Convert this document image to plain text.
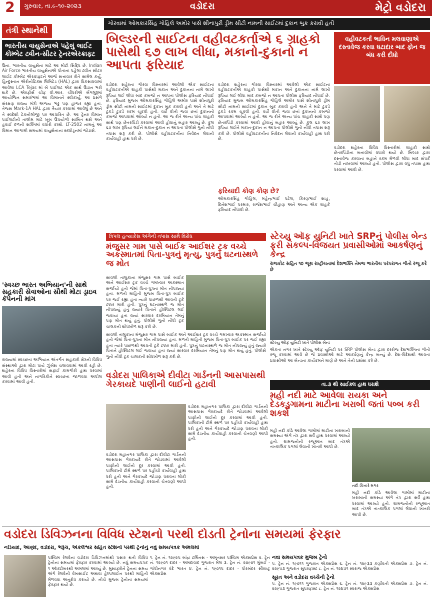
2	ગુરુવાર, તા.૯-૧૦-૨૦૨૩	વડોદરા	મેટ્રો વડોદરા
તંત્રી સ્થાનેથી
ભારતીય વાયુસેનાએ પહેલું લાઈટ કોમ્બેટ ટ્વીન-સીટર ટ્રેનરએરક્રાફ્ટ
ઉના. ભારતીય વાયુસેના માટે આ મોટી સિદ્ધિ છે. Indian Air Force ભારતીય વાયુસેનાએ પોતાના પહેલા ટ્વીન સીટર લાઈટ કોમ્બેટ એરક્રાફ્ટને આજે સત્તાવાર રીતે સામેલ કર્યું. હિન્દુસ્તાન એરોનોટિક્સ લિમિટેડ (HAL) દ્વારા વિકસાવવામાં આવેલા LCA Tejas માં બે પાઈલટ એક સાથે ઉડાન ભરી શકે છે. એરફોર્સ ચીફ વી.આર. ચૌધરીએ બેંગલુરૂમાં આયોજિત સમારંભમાં આ વિમાનને સ્વીકાર્યું. આ પ્રસંગે સંરક્ષણ રાજ્ય મંત્રી અજય ભટ્ટ પણ હાજર રહ્યા હતા. તેજસ Mark-1A HAL દ્વારા તૈયાર કરવામાં આવેલું છે અને તે સ્વદેશી ટેકનોલોજી પર આધારિત છે. આ ટ્રેનર વિમાન પાઈલટોની તાલીમ માટે ખૂબ ઉપયોગી સાબિત થશે અને હવાઈ દળની શક્તિમાં વધારો કરશે. LT-2502 નામનું આ વિમાન આગામી સમયમાં વાયુસેનાના સ્ક્વોડ્રનમાં જોડાશે.
'સ્વચ્છ ભારત અભિયાન'ની સાથે સહકારી સેવાઓના સૌથી મોટા ડ્રાઇવ કૅપેનની માંગ
રાજ્યમાં સ્વચ્છતા અભિયાન અંતર્ગત સહકારી ક્ષેત્રની વિવિધ સંસ્થાઓ દ્વારા મોટા પાયે ઝુંબેશ ચલાવવામાં આવી રહી છે. શહેરના વિવિધ વિસ્તારોમાં સફાઈ કામગીરી હાથ ધરવામાં આવી હતી અને નાગરિકોને સ્વચ્છતા જાળવવા અપીલ કરવામાં આવી હતી.
ગોરવામાં ઓમકારસિંહ ગોહિલે અમોર પાસે શીનાપુરી ડ્રીમ સીટી નામની સાઈટમાં દુકાન બુક કરાવી હતી
બિલ્ડરની સાઈટના વહીવટકર્તાએ ૬ ગ્રાહકો પાસેથી ૬૭ લાખ લીધા, મકાનો-દુકાનો ન આપતા ફરિયાદ
વડોદરા શહેરના ગોરવા વિસ્તારમાં આવેલી એક સાઈટના વહીવટકર્તાએ ગ્રાહકો પાસેથી મકાન અને દુકાનના નામે લાખો રૂપિયા લઈ લીધા બાદ કબજો ન આપતા પોલીસ ફરિયાદ નોંધાઈ છે. ફરિયાદ મુજબ ઓમકારસિંહ ગોહિલે અમોર પાસે શીનાપુરી ડ્રીમ સીટી નામની સાઈટમાં દુકાન બુક કરાવી હતી અને તે માટે ટુકડે ટુકડે રકમ ચૂકવી હતી. વર્ષો વીતી જવા છતાં દુકાનનો કબજો આપવામાં આવ્યો ન હતો. આ જ રીતે અન્ય પાંચ ગ્રાહકો સાથે પણ છેતરપિંડી કરવામાં આવી હોવાનું બહાર આવ્યું છે. કુલ ૬૭ લાખ રૂપિયા લઈને મકાન-દુકાન ન આપતા પોલીસે ગુનો નોંધી તપાસ શરૂ કરી છે. પોલીસે વહીવટકર્તાના નિવેદન લેવાની કાર્યવાહી હાથ ધરી છે.
વડોદરા શહેરના ગોરવા વિસ્તારમાં આવેલી એક સાઈટના વહીવટકર્તાએ ગ્રાહકો પાસેથી મકાન અને દુકાનના નામે લાખો રૂપિયા લઈ લીધા બાદ કબજો ન આપતા પોલીસ ફરિયાદ નોંધાઈ છે. ફરિયાદ મુજબ ઓમકારસિંહ ગોહિલે અમોર પાસે શીનાપુરી ડ્રીમ સીટી નામની સાઈટમાં દુકાન બુક કરાવી હતી અને તે માટે ટુકડે ટુકડે રકમ ચૂકવી હતી. વર્ષો વીતી જવા છતાં દુકાનનો કબજો આપવામાં આવ્યો ન હતો. આ જ રીતે અન્ય પાંચ ગ્રાહકો સાથે પણ છેતરપિંડી કરવામાં આવી હોવાનું બહાર આવ્યું છે. કુલ ૬૭ લાખ રૂપિયા લઈને મકાન-દુકાન ન આપતા પોલીસે ગુનો નોંધી તપાસ શરૂ કરી છે. પોલીસે વહીવટકર્તાના નિવેદન લેવાની કાર્યવાહી હાથ ધરી છે.
વહીવટકર્તા ભાવિન મલવાણાએ દસ્તાવેજ કરવા ઘટાદાર બાદ ફોન જ બંધ કરી દીધો
વડોદરા શહેરના વિવિધ વિસ્તારોમાં ગ્રાહકો સાથે છેતરપિંડીના બનાવોમાં વધારો થયો છે. બિલ્ડર દ્વારા દસ્તાવેજ કરવાના બહાને રકમ મેળવી લીધા બાદ સંપર્ક તોડી નાખવામાં આવ્યો હતો. પોલીસ દ્વારા વધુ તપાસ હાથ ધરવામાં આવી છે.
ફરિયાદી કોણ કોણ છે?
ઓમકારસિંહ ગોહિલ, મહેન્દ્રભાઈ પટેલ, કિરણભાઈ શાહ, દિનેશભાઈ પરમાર, રાજેશભાઈ ચૌહાણ અને અન્ય એક ગ્રાહકે ફરિયાદ નોંધાવી છે.
ત્રિપલ હત્યાકેસ અંગેની તપાસ સામે વિરોધ
મંજુસર ગામ પાસે બાઈક આઈશર ટ્રક વચ્ચે અકસ્માતમાં પિતા-પુત્રનું મૃત્યુ, પુત્રનું ઘટનાસ્થળે જ મોત
સાવલી તાલુકાના મંજુસર ગામ પાસે બાઈક અને આઈશર ટ્રક વચ્ચે ગમખ્વાર અકસ્માત સર્જાયો હતો જેમાં પિતા-પુત્રના મોત નીપજ્યા હતા. મળતી માહિતી મુજબ પિતા-પુત્ર બાઈક પર જઈ રહ્યા હતા ત્યારે પાછળથી આવતી ટ્રકે ટક્કર મારી હતી. પુત્રનું ઘટનાસ્થળે જ મોત નીપજ્યું હતું જ્યારે પિતાને હોસ્પિટલ લઈ જવાયા હતા જ્યાં સારવાર દરમિયાન તેમનું પણ મોત થયું હતું. પોલીસે ગુનો નોંધી ટ્રક ચાલકની શોધખોળ શરૂ કરી છે.
સાવલી તાલુકાના મંજુસર ગામ પાસે બાઈક અને આઈશર ટ્રક વચ્ચે ગમખ્વાર અકસ્માત સર્જાયો હતો જેમાં પિતા-પુત્રના મોત નીપજ્યા હતા. મળતી માહિતી મુજબ પિતા-પુત્ર બાઈક પર જઈ રહ્યા હતા ત્યારે પાછળથી આવતી ટ્રકે ટક્કર મારી હતી. પુત્રનું ઘટનાસ્થળે જ મોત નીપજ્યું હતું જ્યારે પિતાને હોસ્પિટલ લઈ જવાયા હતા જ્યાં સારવાર દરમિયાન તેમનું પણ મોત થયું હતું. પોલીસે ગુનો નોંધી ટ્રક ચાલકની શોધખોળ શરૂ કરી છે.
સ્ટેચ્યુ ઑફ યુનિટી ખાતે SRPનું પોલીસ બેન્ડ ફરી સંકલ્પ-વિજયત પ્રવાસીઓમાં આકર્ષણનું કેન્દ્ર
રાજકોટ સહિત ૧૦ જૂથ રાષ્ટ્રીયતામાં દેશભક્તિ તેમજ ભારતીય પરંપરાગત ગીતો રજૂ કરે છે
સ્ટેચ્યુ ઓફ યુનિટી ખાતે પોલીસ બેન્ડ
એકતા નગર ખાતે સ્ટેચ્યુ ઑફ યુનિટી પર SRP પોલીસ બેન્ડ દ્વારા દરરોજ દેશભક્તિના ગીતો રજૂ કરવામાં આવે છે જે પ્રવાસીઓ માટે આકર્ષણનું કેન્દ્ર બન્યું છે. દેશ-વિદેશથી આવતા પ્રવાસીઓ આ બેન્ડના કાર્યક્રમને માણે છે અને તેની પ્રશંસા કરે છે.
વડોદરા પાલિકાએ દીવીટા ગાર્ડનની આસપાસથી ગેરકાયદે પાણીની લાઈનો હટાવી
વડોદરા મહાનગર પાલિકા દ્વારા દીવીટા ગાર્ડનની આસપાસ ગેરકાયદે રીતે જોડવામાં આવેલી પાણીની લાઈનો દૂર કરવામાં આવી હતી. પાલિકાની ટીમે સ્થળ પર પહોંચી કાર્યવાહી હાથ ધરી હતી અને ગેરકાયદે જોડાણ ધરાવતા લોકો સામે દંડનીય કાર્યવાહી કરવાની ચેતવણી આપી હતી.
વડોદરા મહાનગર પાલિકા દ્વારા દીવીટા ગાર્ડનની આસપાસ ગેરકાયદે રીતે જોડવામાં આવેલી પાણીની લાઈનો દૂર કરવામાં આવી હતી. પાલિકાની ટીમે સ્થળ પર પહોંચી કાર્યવાહી હાથ ધરી હતી અને ગેરકાયદે જોડાણ ધરાવતા લોકો સામે દંડનીય કાર્યવાહી કરવાની ચેતવણી આપી હતી.
તા.૩ થી સાઈક્લ હાથ ધરાશે
મહી નદી માટે આવેલા રાયકા અને દેડકડુગામના માટીના ખરાબી જતાં પબ્બ કરી શકશે
મહી નદી કાંઠે આવેલા ગામોમાં માટીના ખરાબાની સમસ્યા અંગે તંત્ર દ્વારા સર્વે હાથ ધરવામાં આવ્યો હતો. ગ્રામજનોની રજૂઆત બાદ તંત્રએ તાત્કાલિક પગલાં લેવાની ખાતરી આપી છે.
નદી કિનારે મગર
મહી નદી કાંઠે આવેલા ગામોમાં માટીના ખરાબાની સમસ્યા અંગે તંત્ર દ્વારા સર્વે હાથ ધરવામાં આવ્યો હતો. ગ્રામજનોની રજૂઆત બાદ તંત્રએ તાત્કાલિક પગલાં લેવાની ખાતરી આપી છે.
વડોદરા ડિવિઝનના વિવિધ સ્ટેશનો પરથી દોડતી ટ્રેનોના સમયમાં ફેરફાર
નડિયાદ, આણંદ, વડોદરા, ભરૂચ, અંકલેશ્વર સહિત સ્ટેશનો પરથી ટ્રેનોનું નવું સમયપત્રક અમલમાં
પશ્ચિમ રેલવેના વડોદરા ડિવિઝનમાંથી પસાર થતી વિવિધ ટ્રેનોના સમયમાં ફેરફાર કરવામાં આવ્યો છે. નવું સમયપત્રક ૧ ઑક્ટોબરથી અમલમાં આવ્યું છે. મુસાફરોને ટ્રેનના સમય અંગે રેલવેની વેબસાઈટ અથવા હેલ્પલાઈન પરથી માહિતી મેળવવા અનુરોધ કરાયો છે. નીચે મુજબ ટ્રેનોના સમયમાં ફેરફાર થયો છે.
૧. ટ્રેન નં. ૧૨૯૨૫ બાંદ્રા ટર્મિનસ - અમૃતસર પશ્ચિમ એક્સપ્રેસ ૨. ટ્રેન નં. ૧૨૯૦૧ દાદર - અમદાવાદ ગુજરાત મેલ ૩. ટ્રેન નં. ૨૦૯૦૧ મુંબઈ - ગાંધીનગર વંદે ભારત ૪. ટ્રેન નં. ૧૯૦૧૫ દાદર - પોરબંદર સૌરાષ્ટ્ર એક્સપ્રેસ
નવા સમયપત્રક મુજબ ટ્રેનો
૫. ટ્રેન નં. ૧૯૦૧૧ ગુજરાત એક્સપ્રેસ ૬. ટ્રેન નં. ૧૨૯૩૩ કર્ણાવતી એક્સપ્રેસ ૭. ટ્રેન નં. ૨૨૯૫૩ ગુજરાત સુપરફાસ્ટ ૮. ટ્રેન નં. ૧૨૪૭૧ સ્વરાજ એક્સપ્રેસ
સૂરત અને વડોદરા વચ્ચેની ટ્રેનો
૫. ટ્રેન નં. ૧૯૦૧૧ ગુજરાત એક્સપ્રેસ ૬. ટ્રેન નં. ૧૨૯૩૩ કર્ણાવતી એક્સપ્રેસ ૭. ટ્રેન નં. ૨૨૯૫૩ ગુજરાત સુપરફાસ્ટ ૮. ટ્રેન નં. ૧૨૪૭૧ સ્વરાજ એક્સપ્રેસ
